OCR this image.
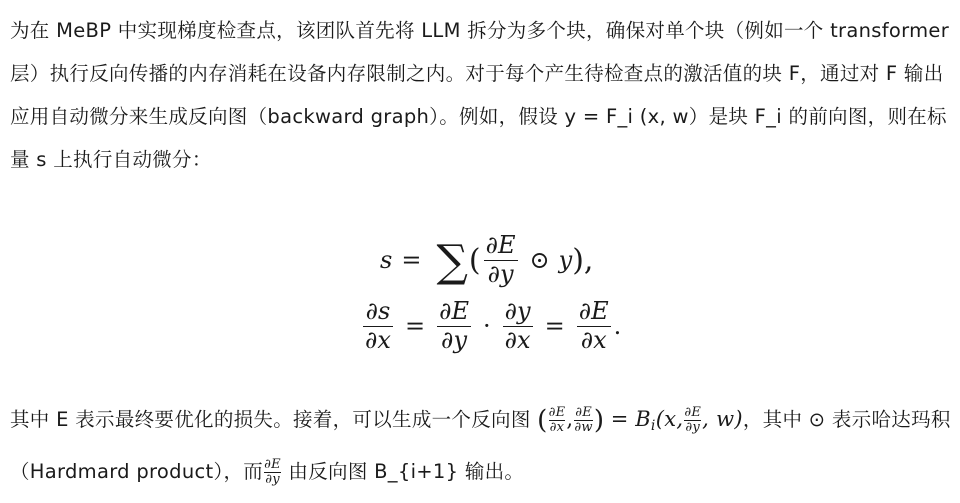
为在 MeBP 中实现梯度检查点，该团队首先将 LLM 拆分为多个块，确保对单个块（例如一个 transformer 层）执行反向传播的内存消耗在设备内存限制之内。对于每个产生待检查点的激活值的块 F，通过对 F 输出应用自动微分来生成反向图（backward graph）。例如，假设 y = F_i (x, w）是块 F_i 的前向图，则在标量 s 上执行自动微分：

s = ∑ ( $\frac{\partial E}{\partial y}$ ⊙ y ),
$\frac{\partial s}{\partial x} = \frac{\partial E}{\partial y} \cdot \frac{\partial y}{\partial x} = \frac{\partial E}{\partial x}$ .

其中 E 表示最终要优化的损失。接着，可以生成一个反向图 ( $\frac{\partial E}{\partial x}$ , $\frac{\partial E}{\partial w}$ ) = $B_i(x$, $\frac{\partial E}{\partial y}$ , w)，其中 ⊙ 表示哈达玛积（Hardmard product），而 $\frac{\partial E}{\partial y}$ 由反向图 B_{i+1} 输出。
